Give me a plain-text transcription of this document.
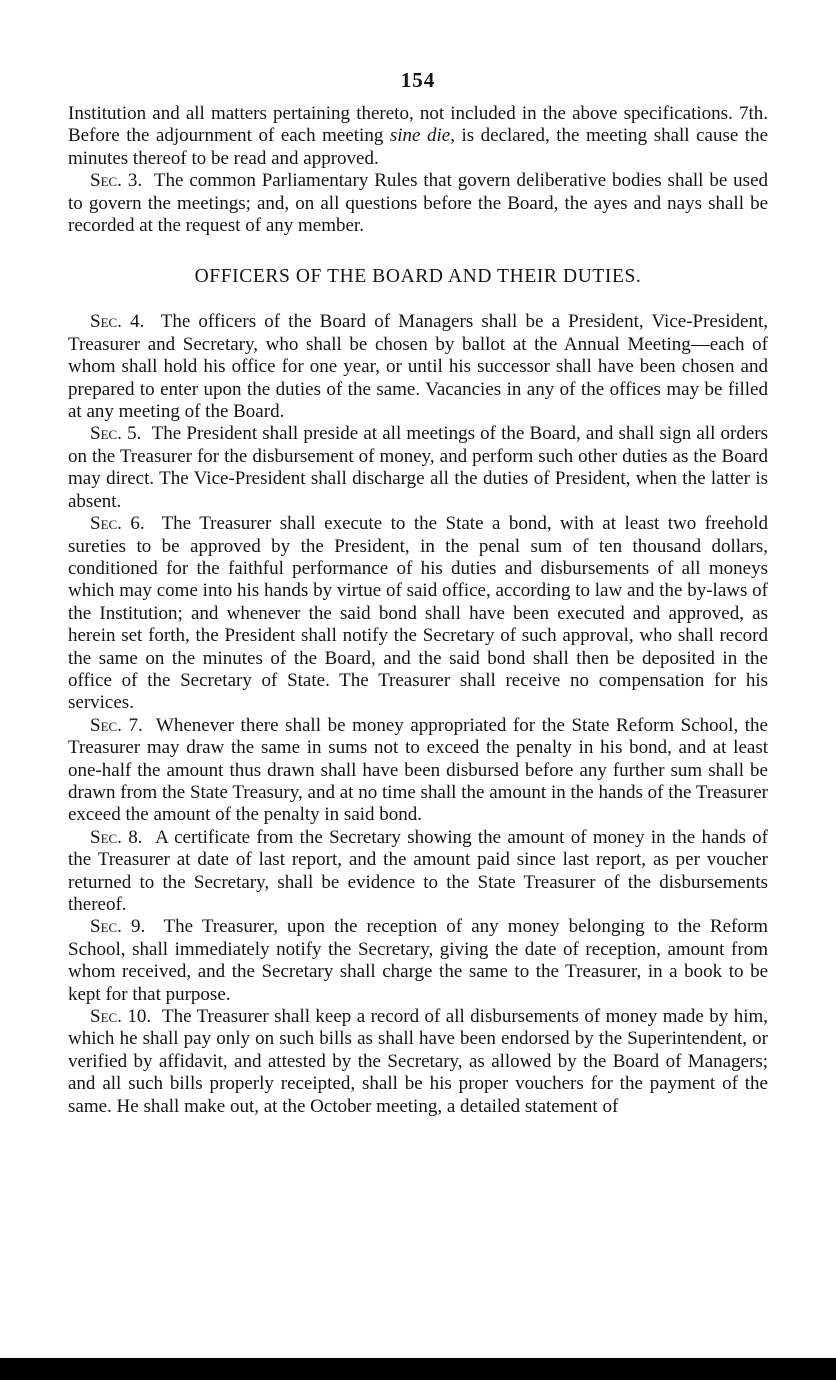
154

Institution and all matters pertaining thereto, not included in the above specifications. 7th. Before the adjournment of each meeting sine die, is declared, the meeting shall cause the minutes thereof to be read and approved.

Sec. 3. The common Parliamentary Rules that govern deliberative bodies shall be used to govern the meetings; and, on all questions before the Board, the ayes and nays shall be recorded at the request of any member.

OFFICERS OF THE BOARD AND THEIR DUTIES.

Sec. 4. The officers of the Board of Managers shall be a President, Vice-President, Treasurer and Secretary, who shall be chosen by ballot at the Annual Meeting—each of whom shall hold his office for one year, or until his successor shall have been chosen and prepared to enter upon the duties of the same. Vacancies in any of the offices may be filled at any meeting of the Board.

Sec. 5. The President shall preside at all meetings of the Board, and shall sign all orders on the Treasurer for the disbursement of money, and perform such other duties as the Board may direct. The Vice-President shall discharge all the duties of President, when the latter is absent.

Sec. 6. The Treasurer shall execute to the State a bond, with at least two freehold sureties to be approved by the President, in the penal sum of ten thousand dollars, conditioned for the faithful performance of his duties and disbursements of all moneys which may come into his hands by virtue of said office, according to law and the by-laws of the Institution; and whenever the said bond shall have been executed and approved, as herein set forth, the President shall notify the Secretary of such approval, who shall record the same on the minutes of the Board, and the said bond shall then be deposited in the office of the Secretary of State. The Treasurer shall receive no compensation for his services.

Sec. 7. Whenever there shall be money appropriated for the State Reform School, the Treasurer may draw the same in sums not to exceed the penalty in his bond, and at least one-half the amount thus drawn shall have been disbursed before any further sum shall be drawn from the State Treasury, and at no time shall the amount in the hands of the Treasurer exceed the amount of the penalty in said bond.

Sec. 8. A certificate from the Secretary showing the amount of money in the hands of the Treasurer at date of last report, and the amount paid since last report, as per voucher returned to the Secretary, shall be evidence to the State Treasurer of the disbursements thereof.

Sec. 9. The Treasurer, upon the reception of any money belonging to the Reform School, shall immediately notify the Secretary, giving the date of reception, amount from whom received, and the Secretary shall charge the same to the Treasurer, in a book to be kept for that purpose.

Sec. 10. The Treasurer shall keep a record of all disbursements of money made by him, which he shall pay only on such bills as shall have been endorsed by the Superintendent, or verified by affidavit, and attested by the Secretary, as allowed by the Board of Managers; and all such bills properly receipted, shall be his proper vouchers for the payment of the same. He shall make out, at the October meeting, a detailed statement of
